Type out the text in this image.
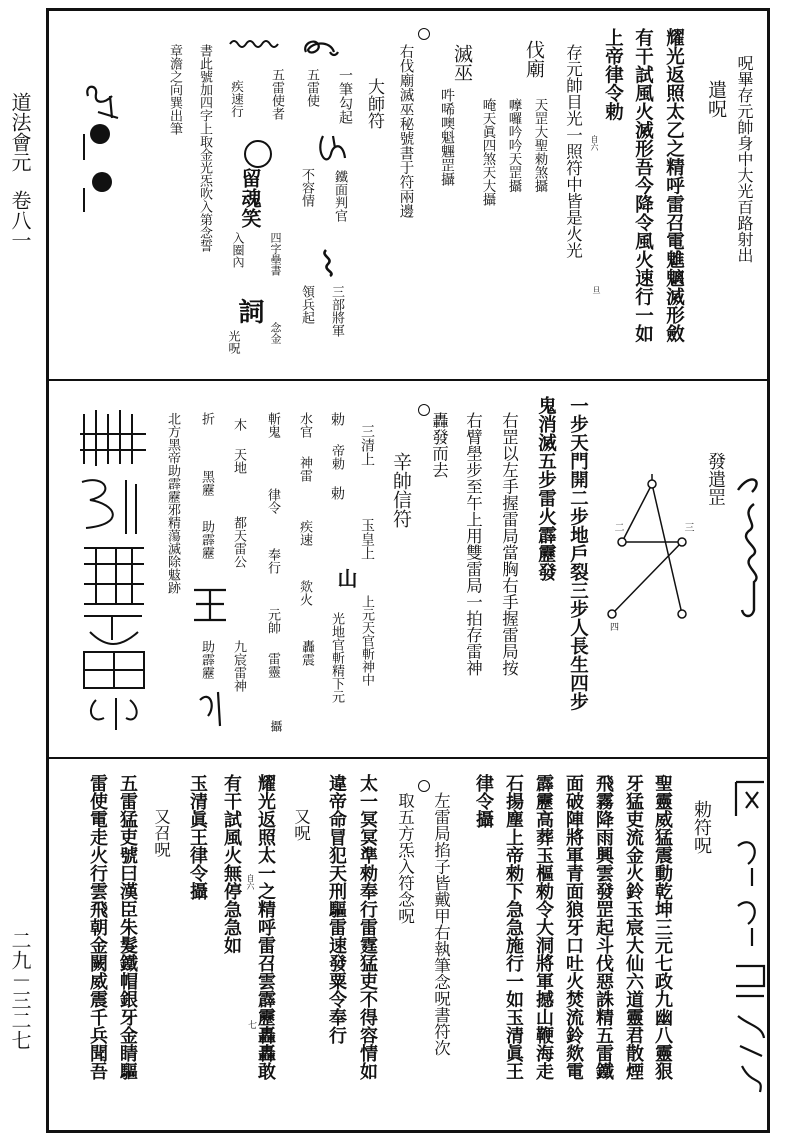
道法會元
卷八一
二九－三二七
呪畢存元帥身中大光百路射出
遣呪
耀光返照太乙之精呼雷召電魋魑滅形斂
有干試風火滅形吾今降令風火速行一如
上帝律令勅
存元帥目光一照符中皆是火光 自六
旦
伐廟
天罡大聖勑煞攝
嚤囉吟吟天罡攝
唵天眞四煞天大攝
滅巫
吽唏噢魁魓罡攝
右伐廟滅巫秘號書于符兩邊
大師符
一筆勾起
鐵面判官
三部將軍
五雷使
不容情
領兵起
五雷使者
四字壘書
念金
疾速行
入圈內
光呪
書此號加四字上取金光炁吹入第念誓
章澹之向巽出筆
留魂笑
詞
發遣罡
二	三
四
一步天門開二步地戶裂三步人長生四步
鬼消滅五步雷火霹靂發
右罡以左手握雷局當胸右手握雷局按
右臂壆步至午上用雙雷局一拍存雷神
轟發而去
辛帥信符
三清上
玉皇上
上元天官斬神中
勅
帝勅
勅
光地官斬精下元
水官
神雷
疾速
欻火
轟震
山
斬鬼
律令
奉行
元帥
雷靈
攝
木
天地
都天雷公
九宸雷神
折
黑靂
助霹靂
助霹靂
北方黑帝助霹靂邪精蕩滅除鬾跡
勅符呪
聖靈威猛震動乾坤三元七政九幽八靈狠
牙猛吏流金火鈴玉宸大仙六道靈君散煙
飛霧降雨興雲發罡起斗伐惡誅精五雷鐵
面破陣將軍青面狼牙口吐火焚流鈴欻電
霹靂高葬玉樞勑令大洞將軍撼山鞭海走
石揚塵上帝勑下急急施行一如玉清眞王
律令攝
左雷局掐子皆戴甲右執筆念呪書符次
取五方炁入符念呪
太一冥冥準勑奉行雷霆猛吏不得容情如
違帝命冒犯天刑驅雷速發粟令奉行
又呪
耀光返照太一之精呼雷召雲霹靂轟轟敢
有干試風火無停急急如 自六
七
玉清眞王律令攝
又召呪
五雷猛吏號曰漢臣朱髮鐵帽銀牙金睛驅
雷使電走火行雲飛朝金闕威震千兵聞吾
